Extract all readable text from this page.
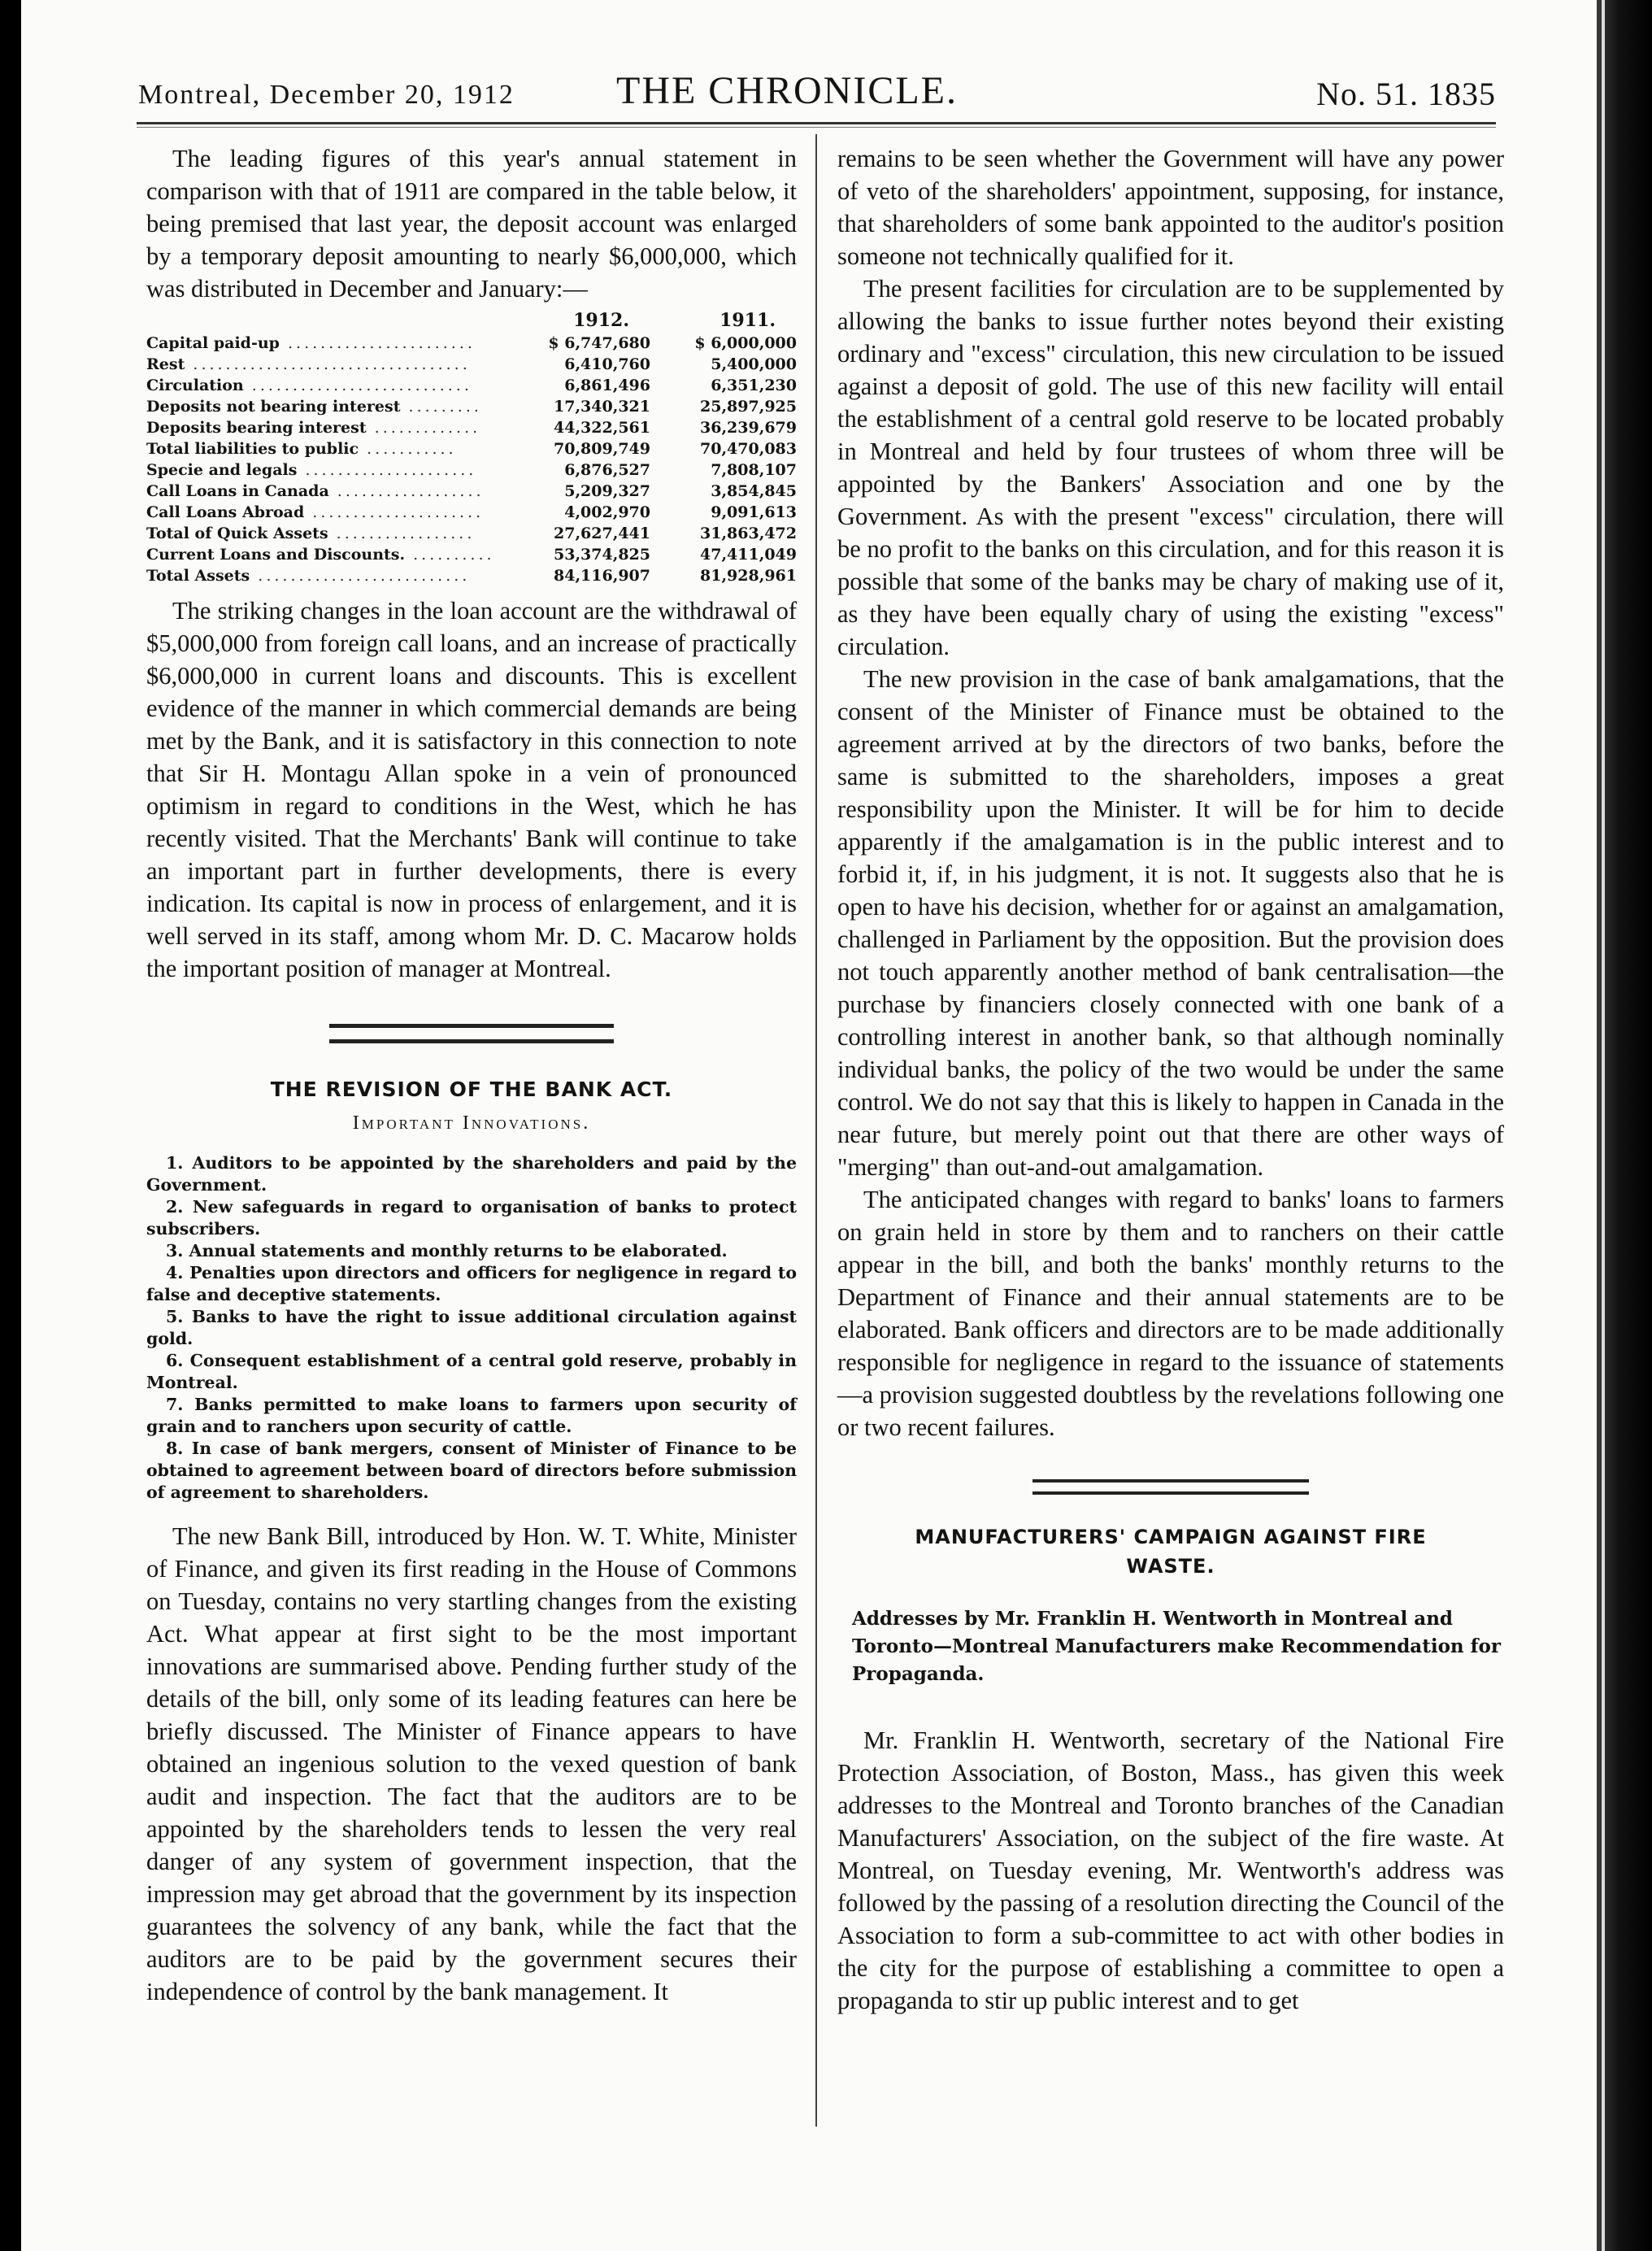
Montreal, December 20, 1912	THE CHRONICLE.	No. 51. 1835

The leading figures of this year's annual statement in comparison with that of 1911 are compared in the table below, it being premised that last year, the deposit account was enlarged by a temporary deposit amounting to nearly $6,000,000, which was distributed in December and January:—

	1912.	1911.
Capital paid-up .......................	$ 6,747,680	$ 6,000,000
Rest ..................................	6,410,760	5,400,000
Circulation ...........................	6,861,496	6,351,230
Deposits not bearing interest .........	17,340,321	25,897,925
Deposits bearing interest .............	44,322,561	36,239,679
Total liabilities to public ...........	70,809,749	70,470,083
Specie and legals .....................	6,876,527	7,808,107
Call Loans in Canada ..................	5,209,327	3,854,845
Call Loans Abroad .....................	4,002,970	9,091,613
Total of Quick Assets .................	27,627,441	31,863,472
Current Loans and Discounts. ..........	53,374,825	47,411,049
Total Assets ..........................	84,116,907	81,928,961

The striking changes in the loan account are the withdrawal of $5,000,000 from foreign call loans, and an increase of practically $6,000,000 in current loans and discounts. This is excellent evidence of the manner in which commercial demands are being met by the Bank, and it is satisfactory in this connection to note that Sir H. Montagu Allan spoke in a vein of pronounced optimism in regard to conditions in the West, which he has recently visited. That the Merchants' Bank will continue to take an important part in further developments, there is every indication. Its capital is now in process of enlargement, and it is well served in its staff, among whom Mr. D. C. Macarow holds the important position of manager at Montreal.

THE REVISION OF THE BANK ACT.
Important Innovations.
1. Auditors to be appointed by the shareholders and paid by the Government.
2. New safeguards in regard to organisation of banks to protect subscribers.
3. Annual statements and monthly returns to be elaborated.
4. Penalties upon directors and officers for negligence in regard to false and deceptive statements.
5. Banks to have the right to issue additional circulation against gold.
6. Consequent establishment of a central gold reserve, probably in Montreal.
7. Banks permitted to make loans to farmers upon security of grain and to ranchers upon security of cattle.
8. In case of bank mergers, consent of Minister of Finance to be obtained to agreement between board of directors before submission of agreement to shareholders.

The new Bank Bill, introduced by Hon. W. T. White, Minister of Finance, and given its first reading in the House of Commons on Tuesday, contains no very startling changes from the existing Act. What appear at first sight to be the most important innovations are summarised above. Pending further study of the details of the bill, only some of its leading features can here be briefly discussed. The Minister of Finance appears to have obtained an ingenious solution to the vexed question of bank audit and inspection. The fact that the auditors are to be appointed by the shareholders tends to lessen the very real danger of any system of government inspection, that the impression may get abroad that the government by its inspection guarantees the solvency of any bank, while the fact that the auditors are to be paid by the government secures their independence of control by the bank management. It

remains to be seen whether the Government will have any power of veto of the shareholders' appointment, supposing, for instance, that shareholders of some bank appointed to the auditor's position someone not technically qualified for it.

The present facilities for circulation are to be supplemented by allowing the banks to issue further notes beyond their existing ordinary and "excess" circulation, this new circulation to be issued against a deposit of gold. The use of this new facility will entail the establishment of a central gold reserve to be located probably in Montreal and held by four trustees of whom three will be appointed by the Bankers' Association and one by the Government. As with the present "excess" circulation, there will be no profit to the banks on this circulation, and for this reason it is possible that some of the banks may be chary of making use of it, as they have been equally chary of using the existing "excess" circulation.

The new provision in the case of bank amalgamations, that the consent of the Minister of Finance must be obtained to the agreement arrived at by the directors of two banks, before the same is submitted to the shareholders, imposes a great responsibility upon the Minister. It will be for him to decide apparently if the amalgamation is in the public interest and to forbid it, if, in his judgment, it is not. It suggests also that he is open to have his decision, whether for or against an amalgamation, challenged in Parliament by the opposition. But the provision does not touch apparently another method of bank centralisation—the purchase by financiers closely connected with one bank of a controlling interest in another bank, so that although nominally individual banks, the policy of the two would be under the same control. We do not say that this is likely to happen in Canada in the near future, but merely point out that there are other ways of "merging" than out-and-out amalgamation.

The anticipated changes with regard to banks' loans to farmers on grain held in store by them and to ranchers on their cattle appear in the bill, and both the banks' monthly returns to the Department of Finance and their annual statements are to be elaborated. Bank officers and directors are to be made additionally responsible for negligence in regard to the issuance of statements—a provision suggested doubtless by the revelations following one or two recent failures.

MANUFACTURERS' CAMPAIGN AGAINST FIRE WASTE.
Addresses by Mr. Franklin H. Wentworth in Montreal and Toronto—Montreal Manufacturers make Recommendation for Propaganda.

Mr. Franklin H. Wentworth, secretary of the National Fire Protection Association, of Boston, Mass., has given this week addresses to the Montreal and Toronto branches of the Canadian Manufacturers' Association, on the subject of the fire waste. At Montreal, on Tuesday evening, Mr. Wentworth's address was followed by the passing of a resolution directing the Council of the Association to form a sub-committee to act with other bodies in the city for the purpose of establishing a committee to open a propaganda to stir up public interest and to get
